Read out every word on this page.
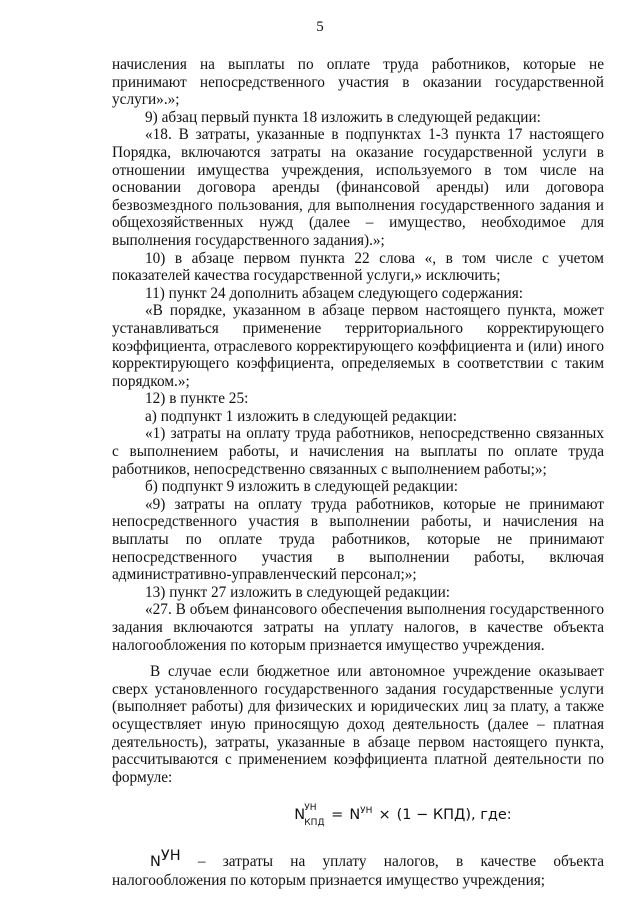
5

начисления на выплаты по оплате труда работников, которые не принимают непосредственного участия в оказании государственной услуги».»;

9) абзац первый пункта 18 изложить в следующей редакции:

«18. В затраты, указанные в подпунктах 1-3 пункта 17 настоящего Порядка, включаются затраты на оказание государственной услуги в отношении имущества учреждения, используемого в том числе на основании договора аренды (финансовой аренды) или договора безвозмездного пользования, для выполнения государственного задания и общехозяйственных нужд (далее – имущество, необходимое для выполнения государственного задания).»;

10) в абзаце первом пункта 22 слова «, в том числе с учетом показателей качества государственной услуги,» исключить;

11) пункт 24 дополнить абзацем следующего содержания:

«В порядке, указанном в абзаце первом настоящего пункта, может устанавливаться применение территориального корректирующего коэффициента, отраслевого корректирующего коэффициента и (или) иного корректирующего коэффициента, определяемых в соответствии с таким порядком.»;

12) в пункте 25:

а) подпункт 1 изложить в следующей редакции:

«1) затраты на оплату труда работников, непосредственно связанных с выполнением работы, и начисления на выплаты по оплате труда работников, непосредственно связанных с выполнением работы;»;

б) подпункт 9 изложить в следующей редакции:

«9) затраты на оплату труда работников, которые не принимают непосредственного участия в выполнении работы, и начисления на выплаты по оплате труда работников, которые не принимают непосредственного участия в выполнении работы, включая административно-управленческий персонал;»;

13) пункт 27 изложить в следующей редакции:

«27. В объем финансового обеспечения выполнения государственного задания включаются затраты на уплату налогов, в качестве объекта налогообложения по которым признается имущество учреждения.

В случае если бюджетное или автономное учреждение оказывает сверх установленного государственного задания государственные услуги (выполняет работы) для физических и юридических лиц за плату, а также осуществляет иную приносящую доход деятельность (далее – платная деятельность), затраты, указанные в абзаце первом настоящего пункта, рассчитываются с применением коэффициента платной деятельности по формуле:

N УН
КПД = $N^{УН} \times (1 - КПД)$, где:

$N^{УН}$ – затраты на уплату налогов, в качестве объекта налогообложения по которым признается имущество учреждения;
